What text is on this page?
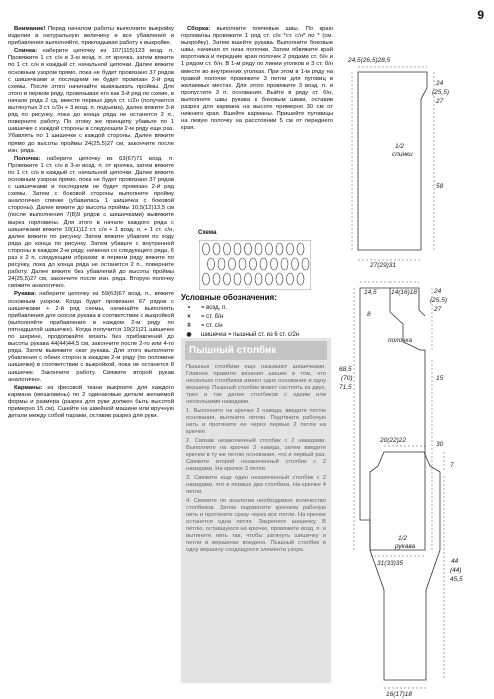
9

Внимание! Перед началом работы выполните выкройку изделия в натуральную величину и все убавления и прибавления выполняйте, прикладывая работу к выкройке.

Спинка: наберите цепочку из 107(115)123 возд. п. Провяжите 1 ст. с/н в 3-ю возд. п. от крючка, затем вяжите по 1 ст. с/н в каждый ст. начальной цепочки. Далее вяжите основным узором прямо, пока не будет провязано 37 рядов с шишечками и последним не будет провязан 2-й ряд схемы. После этого начинайте вывязывать проймы. Для этого в первом ряду, провязывая его как 3-й ряд по схеме, в начале ряда 2 сд. вместе первых двух ст. с/2н (получается вытянутых 3 ст. с/2н + 3 возд. п. подъема), далее вяжите 3-й ряд по рисунку, пока до конца ряда не останется 2 п., поверните работу. По этому же принципу убавьте по 1 шишечке с каждой стороны в следующем 2-м ряду еще раз. Убавлять по 1 шишечке с каждой стороны. Далее вяжите прямо до высоты проймы 24(25,5)27 см, закончите после изн. ряда.

Полочка: наберите цепочку из 63(67)71 возд. п. Провяжите 1 ст. с/н в 3-ю возд. п. от крючка, затем вяжите по 1 ст. с/н в каждый ст. начальной цепочки. Далее вяжите основным узором прямо, пока не будет провязано 37 рядов с шишечками и последним не будет провязан 2-й ряд схемы. Затем с боковой стороны выполните пройму аналогично спинке (убавилась 1 шишечка с боковой стороны). Далее вяжите до высоты проймы 10,5(12)13,5 см (после выполнения 7(8)9 рядов с шишечками) вывяжите вырез горловины. Для этого в начале каждого ряда с шишечками вяжите 10(11)12 ст. с/н + 1 возд. п. + 1 ст. с/н, далее вяжите по рисунку. Затем вяжите убавляя по ходу ряда до конца по рисунку. Затем убавьте с внутренней стороны в каждом 2-м ряду, начиная со следующего ряда, 6 раз х 2 п. следующим образом: в первом ряду вяжите по рисунку, пока до конца ряда не останется 2 п., поверните работу. Далее вяжите без убавлений до высоты проймы 24(25,5)27 см, закончите после изн. ряда. Вторую полочку свяжите аналогично.

Рукава: наберите цепочку из 59(63)67 возд. п., вяжите основным узором. Когда будет провязано 67 рядов с шишечками + 2-й ряд схемы, начинайте выполнять прибавления для скосов рукава в соответствии с выкройкой (выполняйте прибавления в каждом 2-м ряду по пятнадцатой шишечке). Когда получится 19(21)21 шишечек по ширине, продолжайте вязать без прибавлений до высоты рукава 44(44)44,5 см, закончите после 2-го или 4-го ряда. Затем вывяжите окат рукава. Для этого выполните убавления с обеих сторон в каждом 2-м ряду (по половине шишечки) в соответствии с выкройкой, пока не останется 8 шишечек. Закончите работу. Свяжите второй рукав аналогично.

Карманы: из фисовой ткани выкроите для каждого кармана (мешковины) по 2 одинаковые детали желаемой формы и размера (разрез для руки должен быть высотой примерно 15 см). Сшейте на швейной машине или вручную детали между собой парами, оставив разрез для руки.

Сборка: выполните плечевые швы. По краю горловины провяжите 1 ряд ст. с/н *ст. с/н* по * (см. выкройку). Затем вшейте рукава. Выполните боковые швы, начиная от низа полочки. Затем обвяжите край воротника и передние края полочек 2 рядами ст. б/н и 1 рядом ст. б/н. В 1-м ряду по линии уголков и 3 ст. б/н вместе во внутренних уголках. При этом в 1-м ряду на правой полочке провяжите 3 петли для пуговиц в желаемых местах. Для этого провяжите 3 возд. п. и пропустите 3 п. основания. Выйте в ряду ст. б/н, выполните швы рукава к боковым швам, оставив разрез для кармана на высоте примерно 30 см от нижнего края. Вшейте карманы. Пришейте пуговицы на левую полочку на расстоянии 5 см от переднего края.

Схема
Условные обозначения:
•	= возд. п.
×	= ст. б/н
ǂ	= ст. с/н
◉	шишечка = пышный ст. из 6 ст. с/2н
Пышный столбик

Пышные столбики еще называют шишечками. Главное правило вязания шишек в том, что несколько столбиков имеют одно основание и одну вершину. Пышный столбик может состоять из двух, трех и так далее столбиков с одним или несколькими накидами.

1. Выполните на крючке 2 накида, введите петлю основания, вытяните петлю. Подтяните рабочую нить и протяните ее через первые 2 петли на крючке.

2. Связав незакоченный столбик с 2 накидами. Выполните на крючке 2 накида, затем введите крючок в ту же петлю основания, что и первый раз. Свяжите второй незакоченный столбик с 2 накидами. На крючке 3 петли.

3. Свяжите еще один незакоченный столбик с 2 накидами, что и первые два столбика. На крючке 4 петли.

4. Свяжите по аналогии необходимое количество столбиков. Затем подхватите крючком рабочую нить и протяните сразу через все петли. На крючке останется одна петля. Закрепите шишечку. В петлю, оставшуюся на крючке, провяжите возд. п. и вытяните нить так, чтобы затянуть шишечку и петли в вершинах воедино. Пышный столбик в одну вершину сходящуюся элемента узора.

24,5(26,5)28,5
24
(25,5)
27
1/2
спинки
58
27(29)31
14,5 14(16)18	24
(25,5)
27
8
полочка
68,5
(70)
71,5
15
30
31(33)35
20(22)22
7
1/2
рукава
44
(44)
45,5
16(17)18
